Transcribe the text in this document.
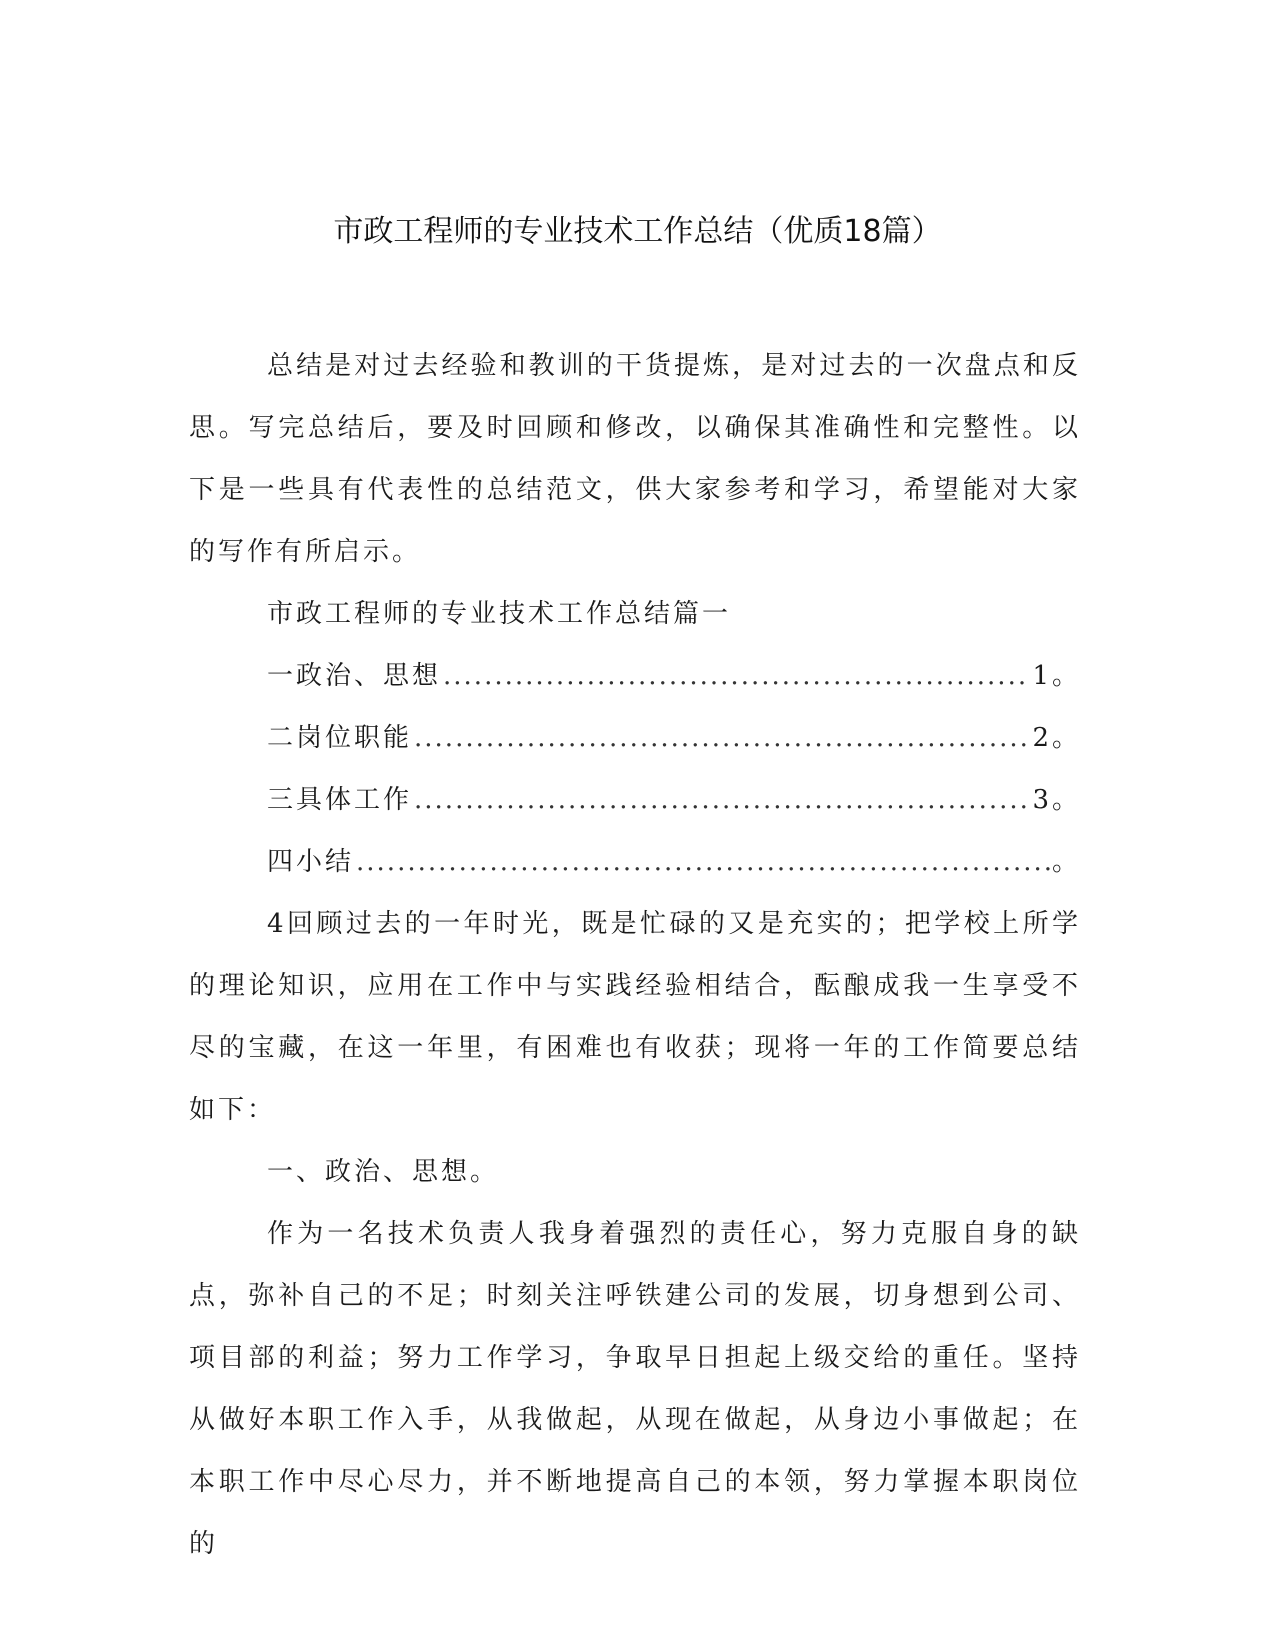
市政工程师的专业技术工作总结（优质18篇）

总结是对过去经验和教训的干货提炼，是对过去的一次盘点和反思。写完总结后，要及时回顾和修改，以确保其准确性和完整性。以下是一些具有代表性的总结范文，供大家参考和学习，希望能对大家的写作有所启示。

市政工程师的专业技术工作总结篇一

一政治、思想 .....	1。
二岗位职能 .....	2。
三具体工作 .....	3。
四小结 .....	。

4回顾过去的一年时光，既是忙碌的又是充实的；把学校上所学的理论知识，应用在工作中与实践经验相结合，酝酿成我一生享受不尽的宝藏，在这一年里，有困难也有收获；现将一年的工作简要总结如下：

一、政治、思想。

作为一名技术负责人我身着强烈的责任心，努力克服自身的缺点，弥补自己的不足；时刻关注呼铁建公司的发展，切身想到公司、项目部的利益；努力工作学习，争取早日担起上级交给的重任。坚持从做好本职工作入手，从我做起，从现在做起，从身边小事做起；在本职工作中尽心尽力，并不断地提高自己的本领，努力掌握本职岗位的
